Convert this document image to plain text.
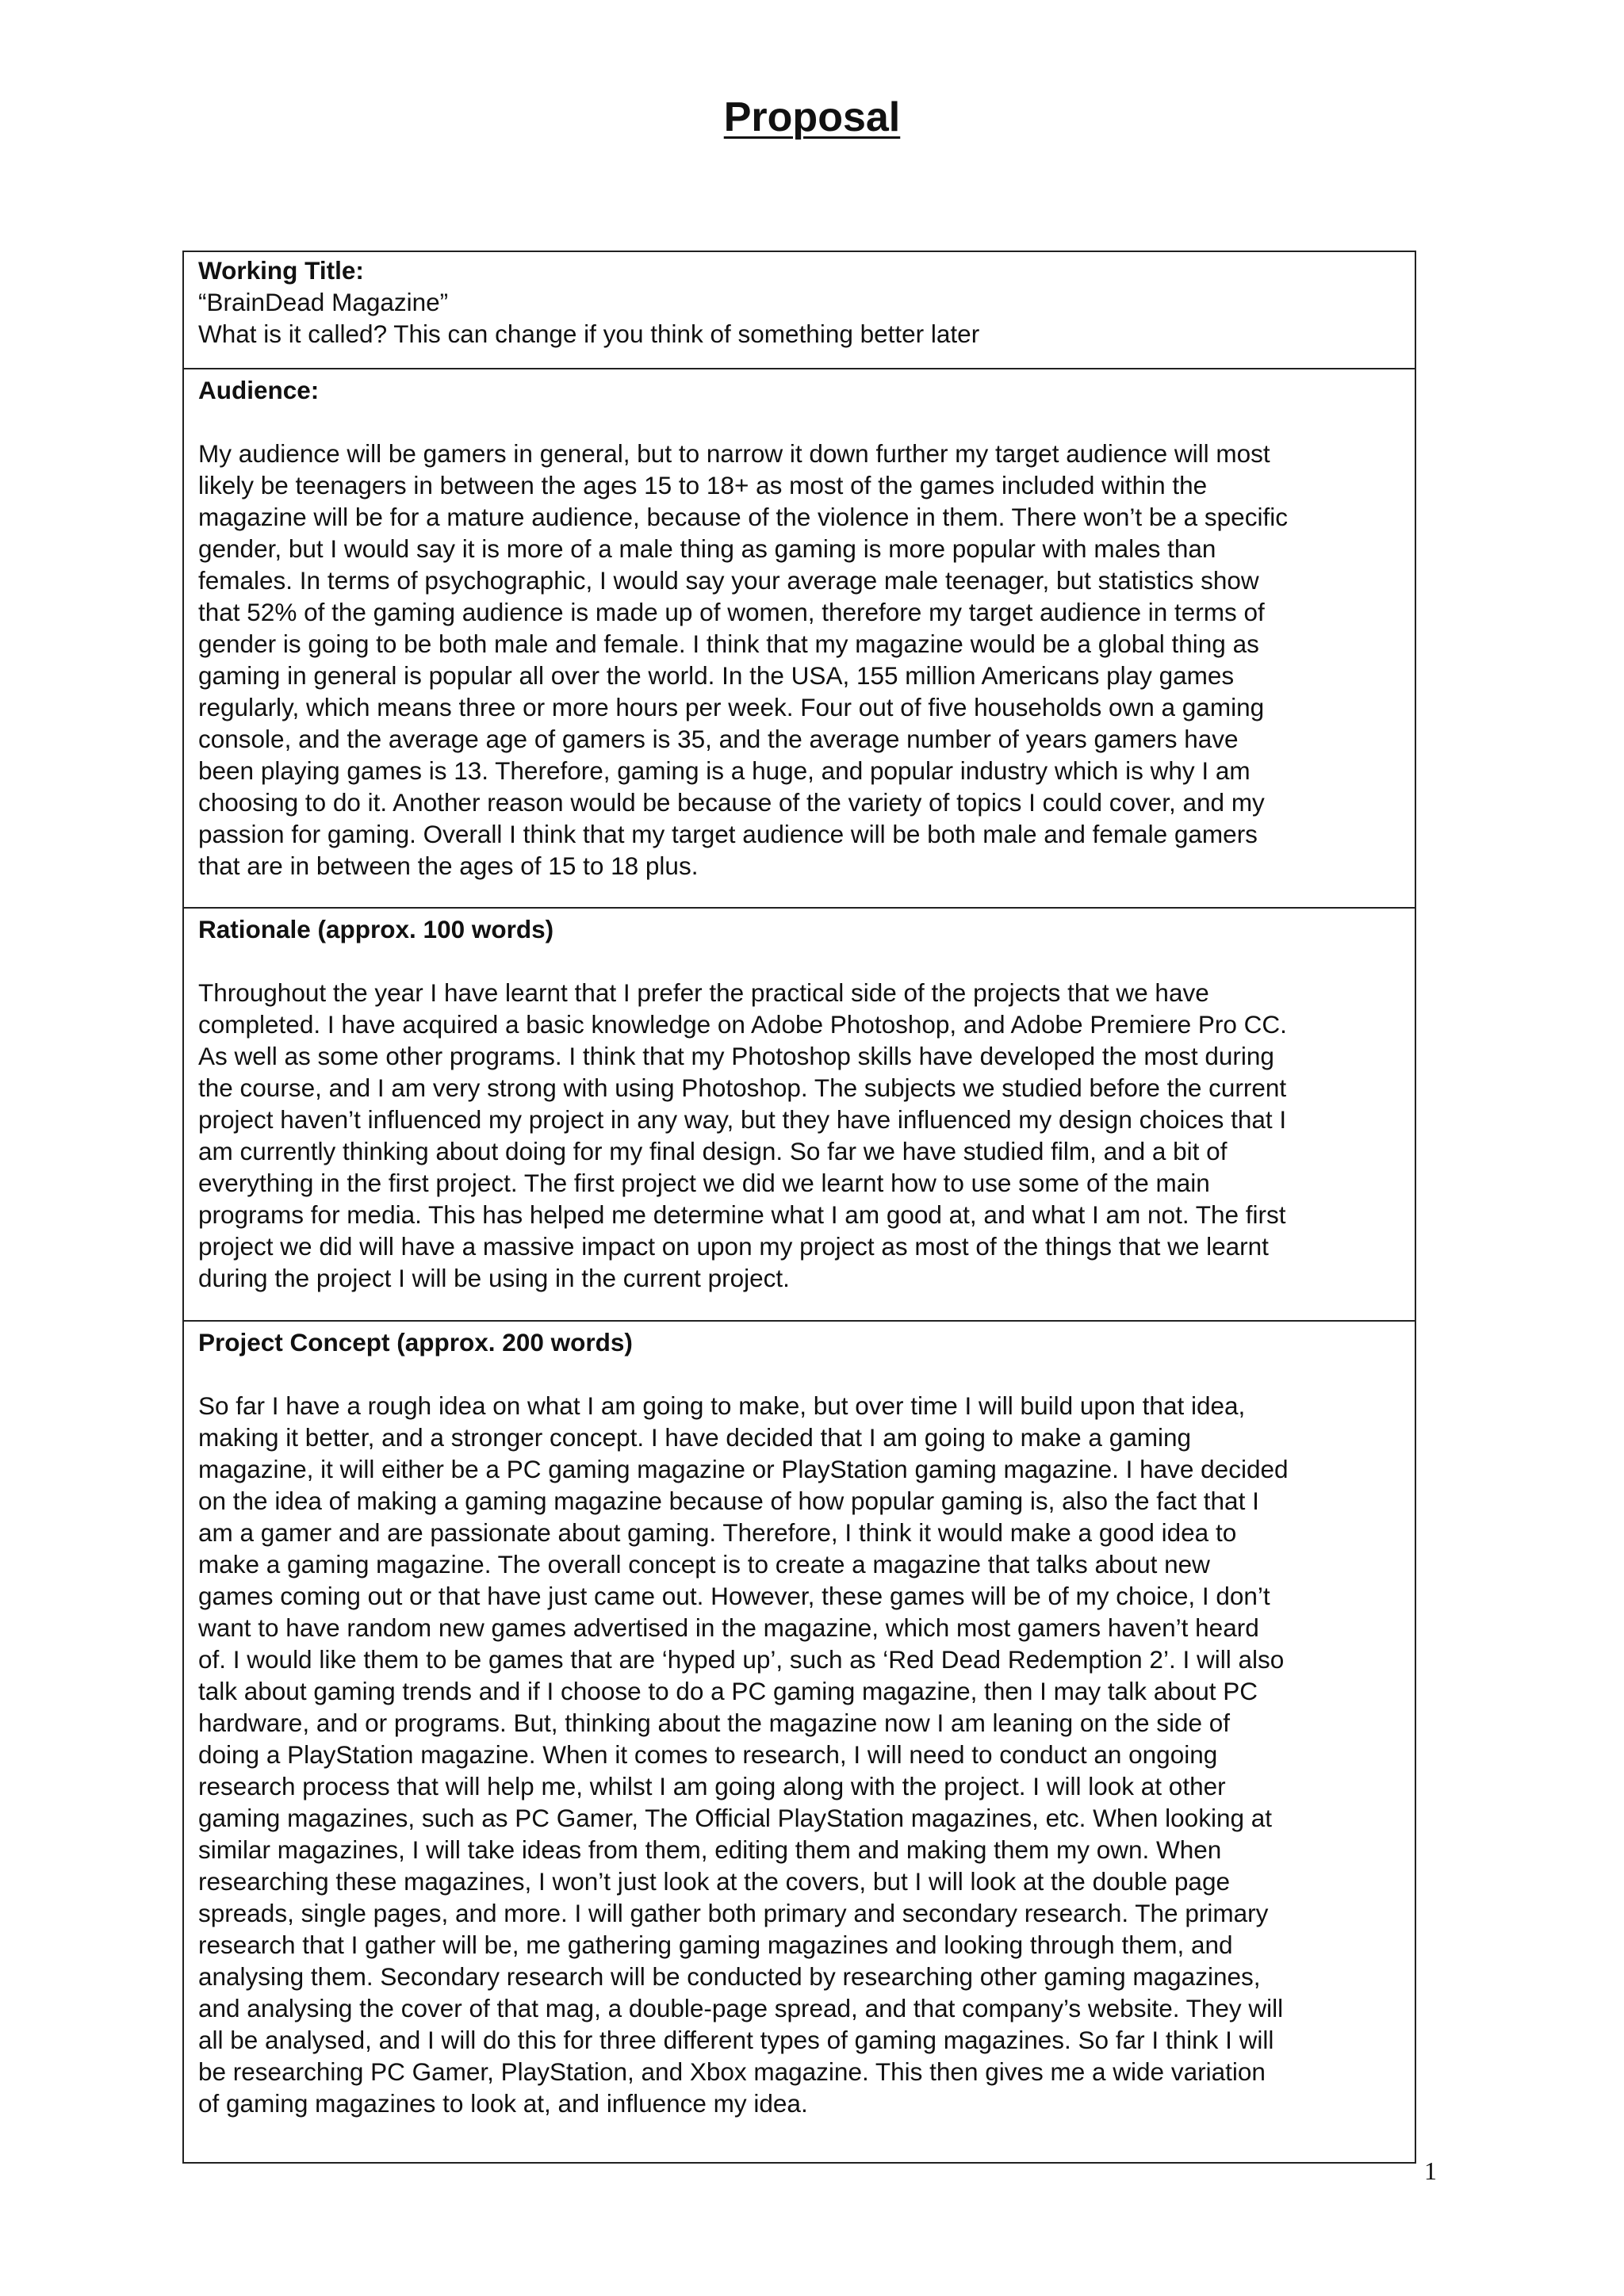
Proposal
Working Title:
“BrainDead Magazine”
What is it called? This can change if you think of something better later
Audience:
My audience will be gamers in general, but to narrow it down further my target audience will most
likely be teenagers in between the ages 15 to 18+ as most of the games included within the
magazine will be for a mature audience, because of the violence in them. There won’t be a specific
gender, but I would say it is more of a male thing as gaming is more popular with males than
females. In terms of psychographic, I would say your average male teenager, but statistics show
that 52% of the gaming audience is made up of women, therefore my target audience in terms of
gender is going to be both male and female. I think that my magazine would be a global thing as
gaming in general is popular all over the world. In the USA, 155 million Americans play games
regularly, which means three or more hours per week. Four out of five households own a gaming
console, and the average age of gamers is 35, and the average number of years gamers have
been playing games is 13. Therefore, gaming is a huge, and popular industry which is why I am
choosing to do it. Another reason would be because of the variety of topics I could cover, and my
passion for gaming. Overall I think that my target audience will be both male and female gamers
that are in between the ages of 15 to 18 plus.
Rationale (approx. 100 words)
Throughout the year I have learnt that I prefer the practical side of the projects that we have
completed. I have acquired a basic knowledge on Adobe Photoshop, and Adobe Premiere Pro CC.
As well as some other programs. I think that my Photoshop skills have developed the most during
the course, and I am very strong with using Photoshop. The subjects we studied before the current
project haven’t influenced my project in any way, but they have influenced my design choices that I
am currently thinking about doing for my final design. So far we have studied film, and a bit of
everything in the first project. The first project we did we learnt how to use some of the main
programs for media. This has helped me determine what I am good at, and what I am not. The first
project we did will have a massive impact on upon my project as most of the things that we learnt
during the project I will be using in the current project.
Project Concept (approx. 200 words)
So far I have a rough idea on what I am going to make, but over time I will build upon that idea,
making it better, and a stronger concept. I have decided that I am going to make a gaming
magazine, it will either be a PC gaming magazine or PlayStation gaming magazine. I have decided
on the idea of making a gaming magazine because of how popular gaming is, also the fact that I
am a gamer and are passionate about gaming. Therefore, I think it would make a good idea to
make a gaming magazine. The overall concept is to create a magazine that talks about new
games coming out or that have just came out. However, these games will be of my choice, I don’t
want to have random new games advertised in the magazine, which most gamers haven’t heard
of. I would like them to be games that are ‘hyped up’, such as ‘Red Dead Redemption 2’. I will also
talk about gaming trends and if I choose to do a PC gaming magazine, then I may talk about PC
hardware, and or programs. But, thinking about the magazine now I am leaning on the side of
doing a PlayStation magazine. When it comes to research, I will need to conduct an ongoing
research process that will help me, whilst I am going along with the project. I will look at other
gaming magazines, such as PC Gamer, The Official PlayStation magazines, etc. When looking at
similar magazines, I will take ideas from them, editing them and making them my own. When
researching these magazines, I won’t just look at the covers, but I will look at the double page
spreads, single pages, and more. I will gather both primary and secondary research. The primary
research that I gather will be, me gathering gaming magazines and looking through them, and
analysing them. Secondary research will be conducted by researching other gaming magazines,
and analysing the cover of that mag, a double-page spread, and that company’s website. They will
all be analysed, and I will do this for three different types of gaming magazines. So far I think I will
be researching PC Gamer, PlayStation, and Xbox magazine. This then gives me a wide variation
of gaming magazines to look at, and influence my idea.
1
